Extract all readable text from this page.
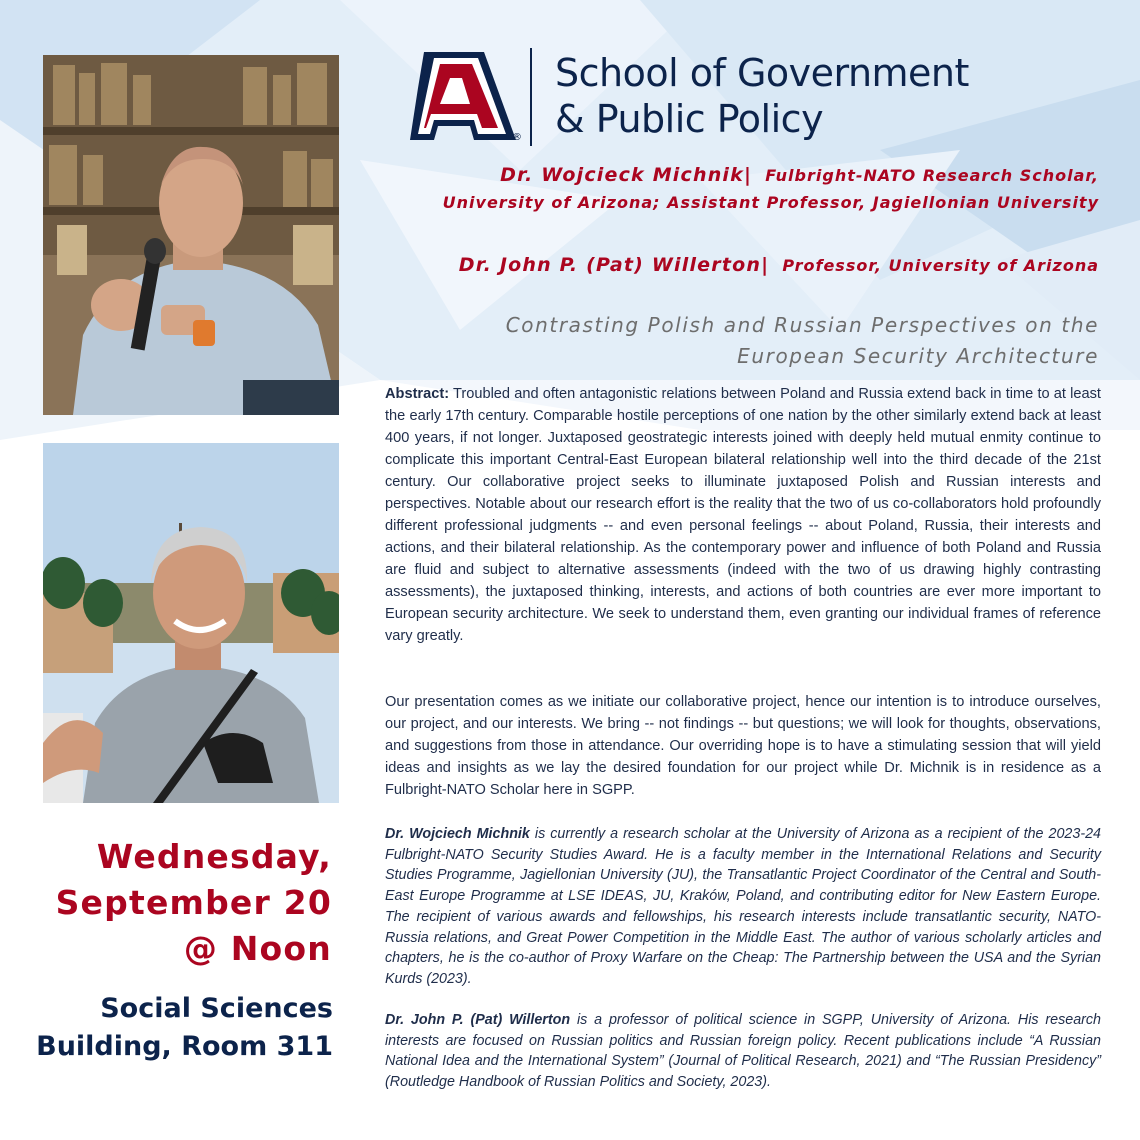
®
School of Government
& Public Policy
Dr. Wojcieck Michnik| Fulbright-NATO Research Scholar,
University of Arizona; Assistant Professor, Jagiellonian University
Dr. John P. (Pat) Willerton| Professor, University of Arizona
Contrasting Polish and Russian Perspectives on the
European Security Architecture
Abstract: Troubled and often antagonistic relations between Poland and Russia extend back in time to at least the early 17th century. Comparable hostile perceptions of one nation by the other similarly extend back at least 400 years, if not longer. Juxtaposed geostrategic interests joined with deeply held mutual enmity continue to complicate this important Central-East European bilateral relationship well into the third decade of the 21st century. Our collaborative project seeks to illuminate juxtaposed Polish and Russian interests and perspectives. Notable about our research effort is the reality that the two of us co-collaborators hold profoundly different professional judgments -- and even personal feelings -- about Poland, Russia, their interests and actions, and their bilateral relationship. As the contemporary power and influence of both Poland and Russia are fluid and subject to alternative assessments (indeed with the two of us drawing highly contrasting assessments), the juxtaposed thinking, interests, and actions of both countries are ever more important to European security architecture. We seek to understand them, even granting our individual frames of reference vary greatly.
Our presentation comes as we initiate our collaborative project, hence our intention is to introduce ourselves, our project, and our interests. We bring -- not findings -- but questions; we will look for thoughts, observations, and suggestions from those in attendance. Our overriding hope is to have a stimulating session that will yield ideas and insights as we lay the desired foundation for our project while Dr. Michnik is in residence as a Fulbright-NATO Scholar here in SGPP.
Dr. Wojciech Michnik is currently a research scholar at the University of Arizona as a recipient of the 2023-24 Fulbright-NATO Security Studies Award. He is a faculty member in the International Relations and Security Studies Programme, Jagiellonian University (JU), the Transatlantic Project Coordinator of the Central and South-East Europe Programme at LSE IDEAS, JU, Kraków, Poland, and contributing editor for New Eastern Europe. The recipient of various awards and fellowships, his research interests include transatlantic security, NATO-Russia relations, and Great Power Competition in the Middle East. The author of various scholarly articles and chapters, he is the co-author of Proxy Warfare on the Cheap: The Partnership between the USA and the Syrian Kurds (2023).
Dr. John P. (Pat) Willerton is a professor of political science in SGPP, University of Arizona. His research interests are focused on Russian politics and Russian foreign policy. Recent publications include “A Russian National Idea and the International System” (Journal of Political Research, 2021) and “The Russian Presidency” (Routledge Handbook of Russian Politics and Society, 2023).
Wednesday,
September 20
@ Noon
Social Sciences
Building, Room 311
